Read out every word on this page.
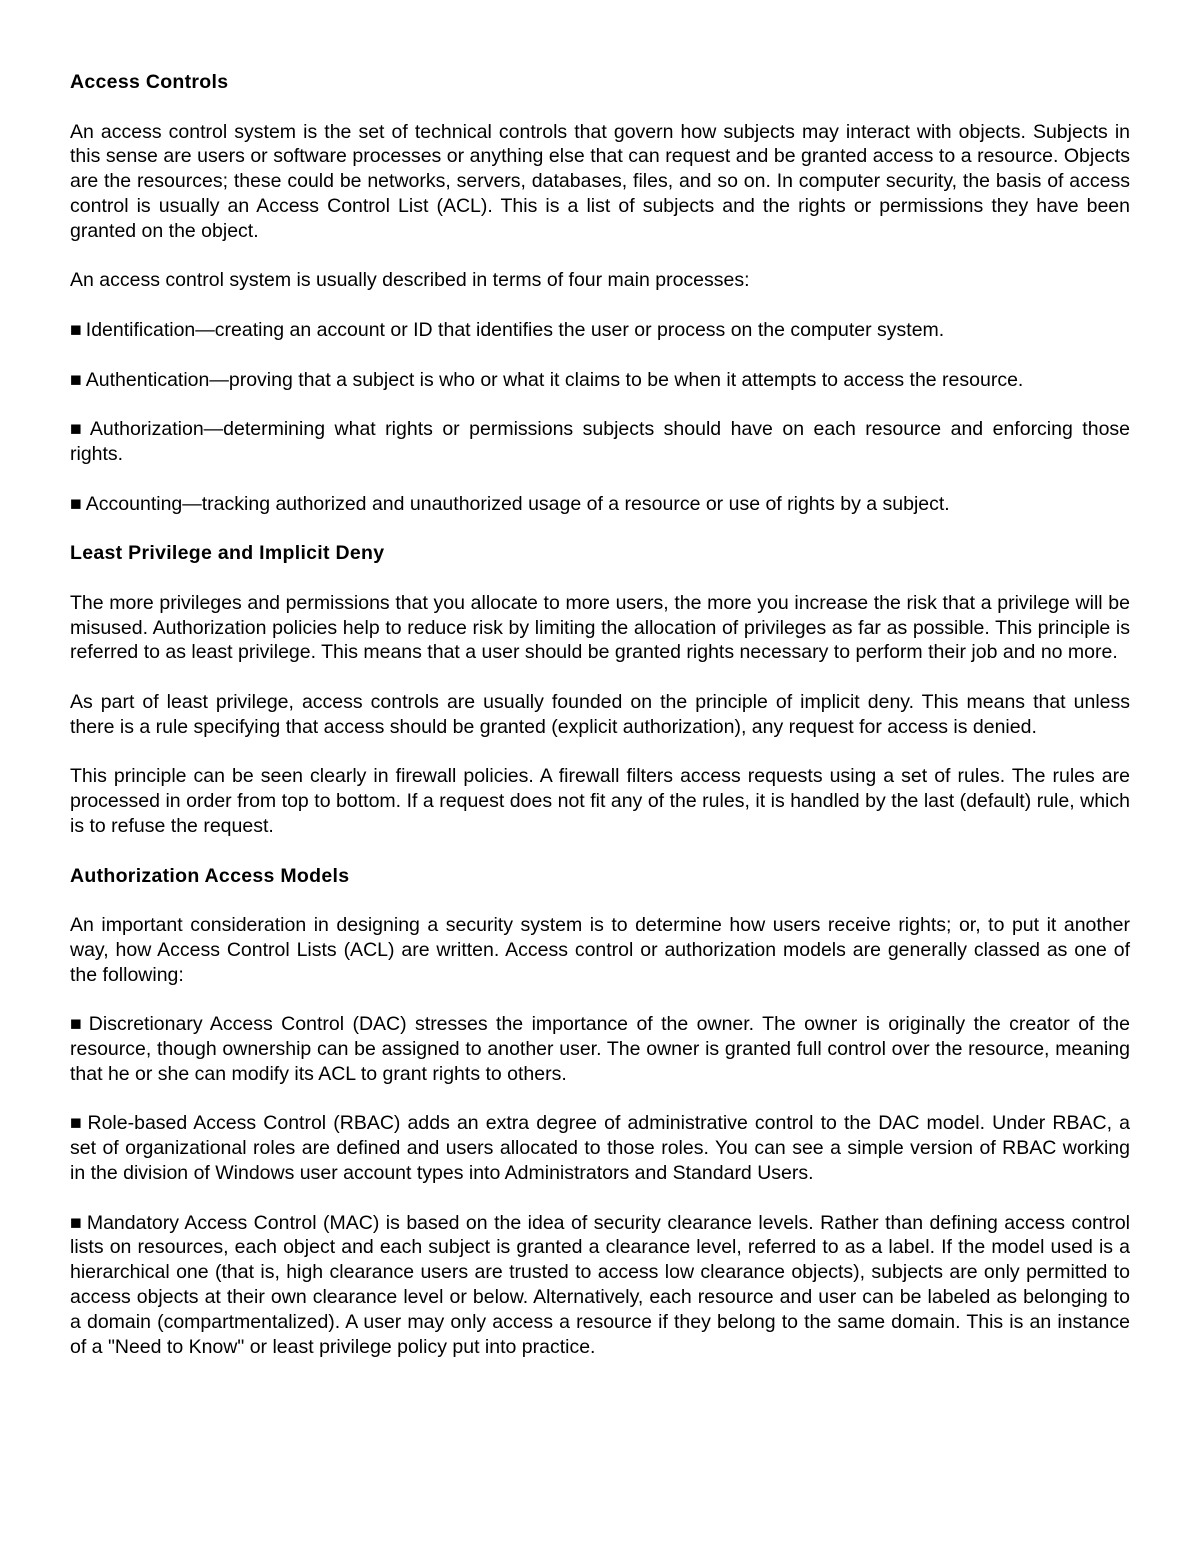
Access Controls

An access control system is the set of technical controls that govern how subjects may interact with objects. Subjects in this sense are users or software processes or anything else that can request and be granted access to a resource. Objects are the resources; these could be networks, servers, databases, files, and so on. In computer security, the basis of access control is usually an Access Control List (ACL). This is a list of subjects and the rights or permissions they have been granted on the object.

An access control system is usually described in terms of four main processes:

■ Identification—creating an account or ID that identifies the user or process on the computer system.

■ Authentication—proving that a subject is who or what it claims to be when it attempts to access the resource.

■ Authorization—determining what rights or permissions subjects should have on each resource and enforcing those rights.

■ Accounting—tracking authorized and unauthorized usage of a resource or use of rights by a subject.

Least Privilege and Implicit Deny

The more privileges and permissions that you allocate to more users, the more you increase the risk that a privilege will be misused. Authorization policies help to reduce risk by limiting the allocation of privileges as far as possible. This principle is referred to as least privilege. This means that a user should be granted rights necessary to perform their job and no more.

As part of least privilege, access controls are usually founded on the principle of implicit deny. This means that unless there is a rule specifying that access should be granted (explicit authorization), any request for access is denied.

This principle can be seen clearly in firewall policies. A firewall filters access requests using a set of rules. The rules are processed in order from top to bottom. If a request does not fit any of the rules, it is handled by the last (default) rule, which is to refuse the request.

Authorization Access Models

An important consideration in designing a security system is to determine how users receive rights; or, to put it another way, how Access Control Lists (ACL) are written. Access control or authorization models are generally classed as one of the following:

■ Discretionary Access Control (DAC) stresses the importance of the owner. The owner is originally the creator of the resource, though ownership can be assigned to another user. The owner is granted full control over the resource, meaning that he or she can modify its ACL to grant rights to others.

■ Role-based Access Control (RBAC) adds an extra degree of administrative control to the DAC model. Under RBAC, a set of organizational roles are defined and users allocated to those roles. You can see a simple version of RBAC working in the division of Windows user account types into Administrators and Standard Users.

■ Mandatory Access Control (MAC) is based on the idea of security clearance levels. Rather than defining access control lists on resources, each object and each subject is granted a clearance level, referred to as a label. If the model used is a hierarchical one (that is, high clearance users are trusted to access low clearance objects), subjects are only permitted to access objects at their own clearance level or below. Alternatively, each resource and user can be labeled as belonging to a domain (compartmentalized). A user may only access a resource if they belong to the same domain. This is an instance of a "Need to Know" or least privilege policy put into practice.
